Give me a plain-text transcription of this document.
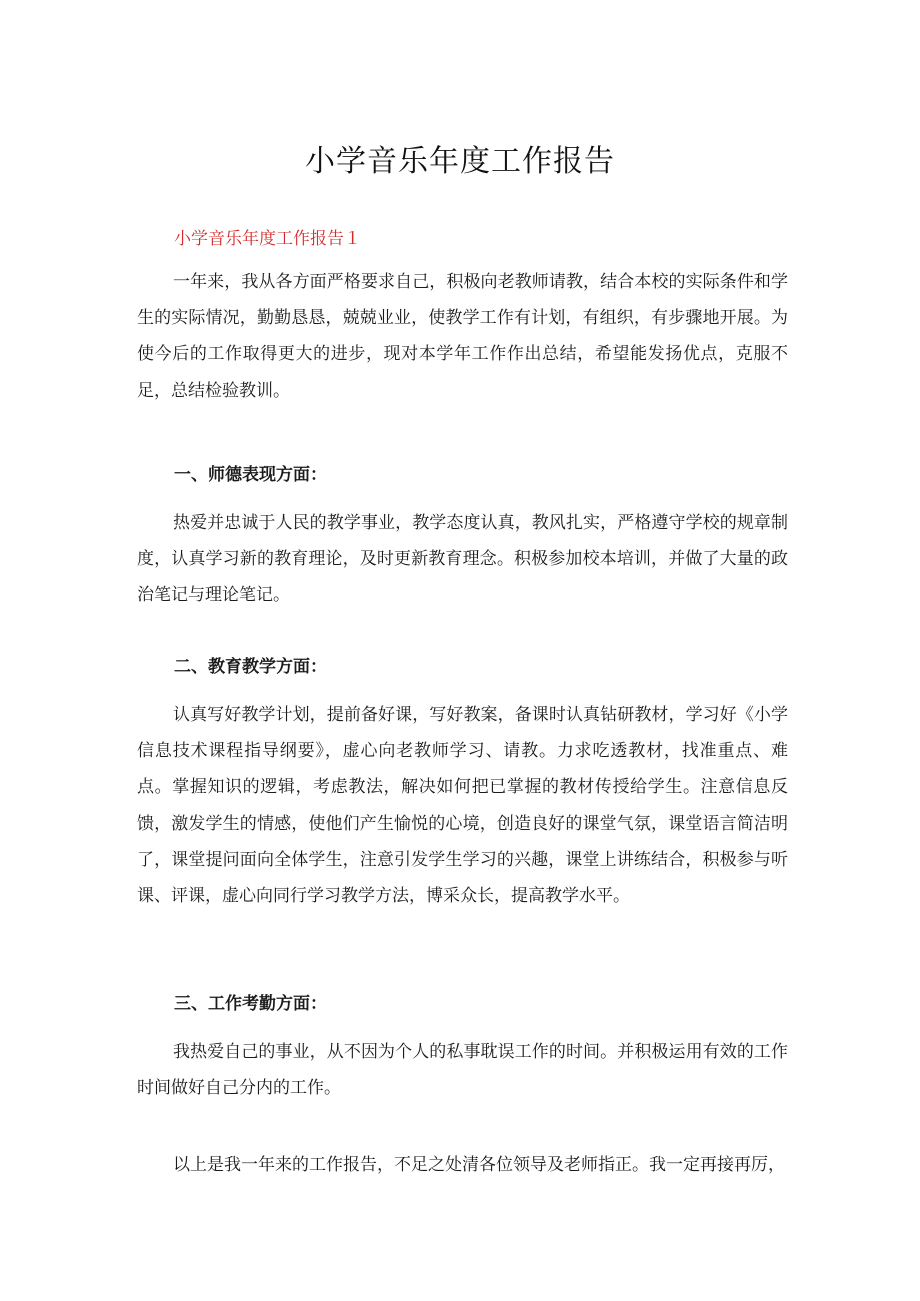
小学音乐年度工作报告

小学音乐年度工作报告１

一年来，我从各方面严格要求自己，积极向老教师请教，结合本校的实际条件和学生的实际情况，勤勤恳恳，兢兢业业，使教学工作有计划，有组织，有步骤地开展。为使今后的工作取得更大的进步，现对本学年工作作出总结，希望能发扬优点，克服不足，总结检验教训。

一、师德表现方面：

热爱并忠诚于人民的教学事业，教学态度认真，教风扎实，严格遵守学校的规章制度，认真学习新的教育理论，及时更新教育理念。积极参加校本培训，并做了大量的政治笔记与理论笔记。

二、教育教学方面：

认真写好教学计划，提前备好课，写好教案，备课时认真钻研教材，学习好《小学信息技术课程指导纲要》，虚心向老教师学习、请教。力求吃透教材，找准重点、难点。掌握知识的逻辑，考虑教法，解决如何把已掌握的教材传授给学生。注意信息反馈，激发学生的情感，使他们产生愉悦的心境，创造良好的课堂气氛，课堂语言简洁明了，课堂提问面向全体学生，注意引发学生学习的兴趣，课堂上讲练结合，积极参与听课、评课，虚心向同行学习教学方法，博采众长，提高教学水平。

三、工作考勤方面：

我热爱自己的事业，从不因为个人的私事耽误工作的时间。并积极运用有效的工作时间做好自己分内的工作。

以上是我一年来的工作报告，不足之处清各位领导及老师指正。我一定再接再厉，
